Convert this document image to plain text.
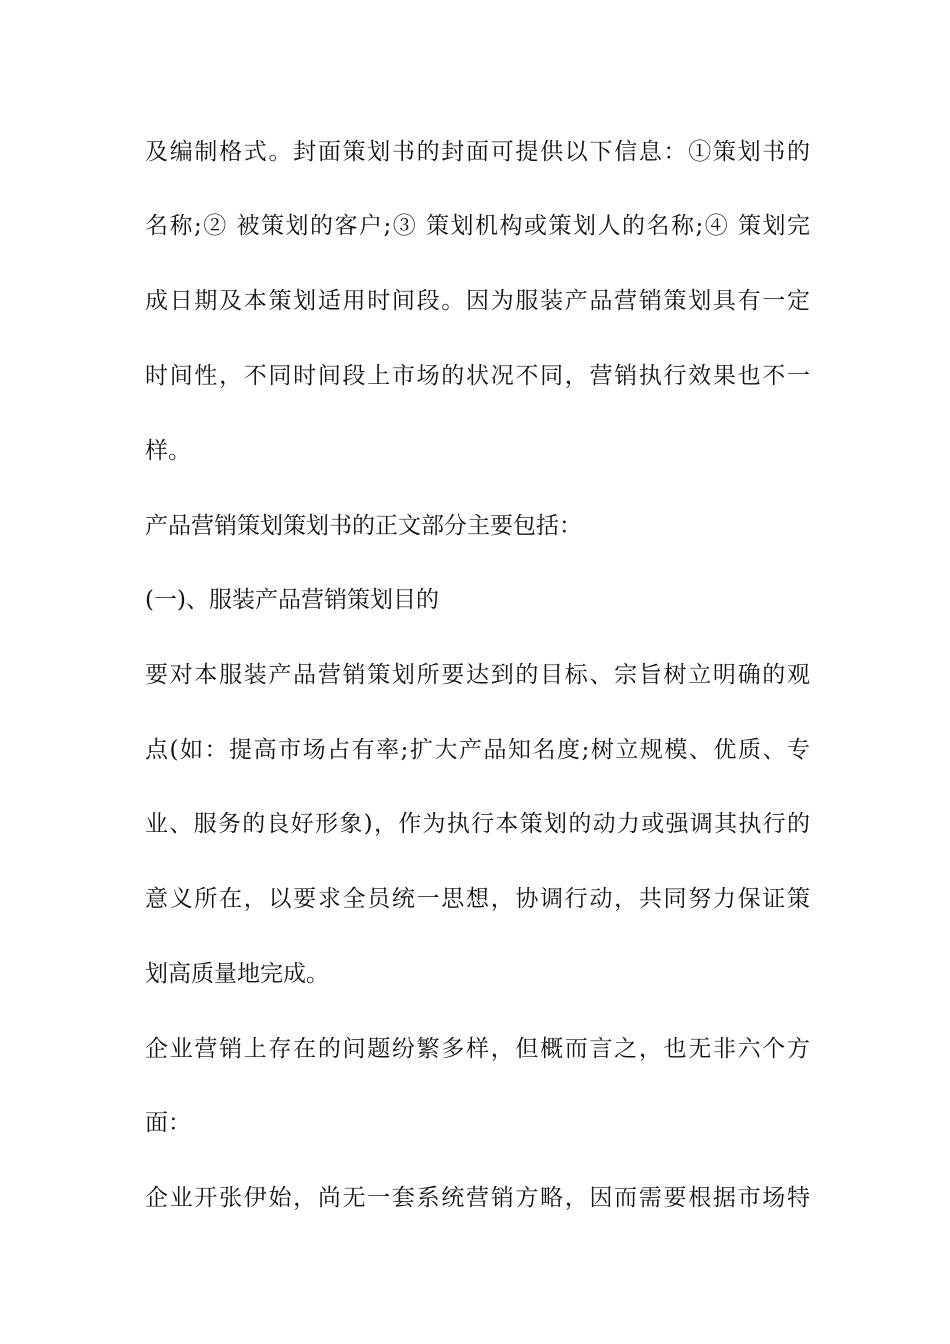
及编制格式。封面策划书的封面可提供以下信息：①策划书的
名称;② 被策划的客户;③ 策划机构或策划人的名称;④ 策划完
成日期及本策划适用时间段。因为服装产品营销策划具有一定
时间性，不同时间段上市场的状况不同，营销执行效果也不一
样。
产品营销策划策划书的正文部分主要包括：
(一)、服装产品营销策划目的
要对本服装产品营销策划所要达到的目标、宗旨树立明确的观
点(如：提高市场占有率;扩大产品知名度;树立规模、优质、专
业、服务的良好形象)，作为执行本策划的动力或强调其执行的
意义所在，以要求全员统一思想，协调行动，共同努力保证策
划高质量地完成。
企业营销上存在的问题纷繁多样，但概而言之，也无非六个方
面：
企业开张伊始，尚无一套系统营销方略，因而需要根据市场特
